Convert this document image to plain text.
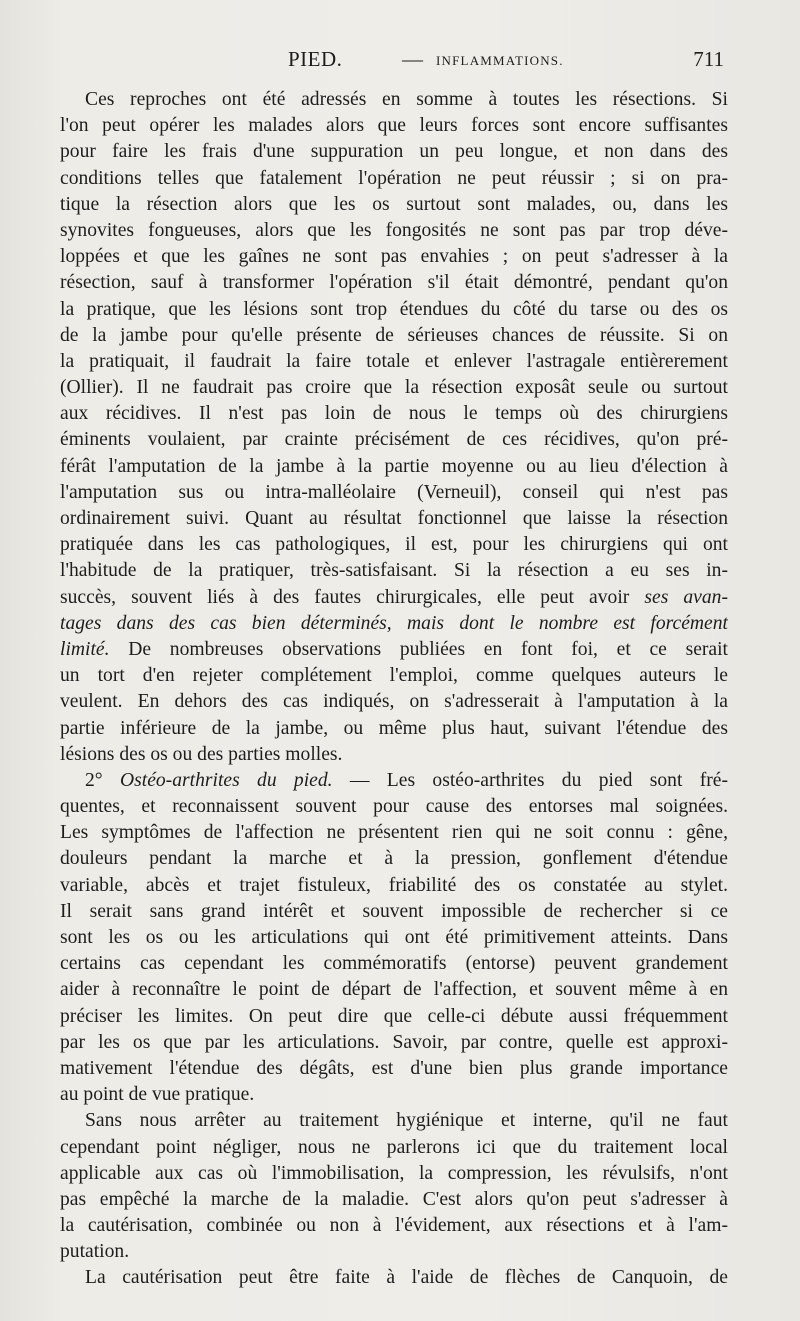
PIED.	— INFLAMMATIONS.	711
Ces reproches ont été adressés en somme à toutes les résections. Si
l'on peut opérer les malades alors que leurs forces sont encore suffisantes
pour faire les frais d'une suppuration un peu longue, et non dans des
conditions telles que fatalement l'opération ne peut réussir ; si on pra-
tique la résection alors que les os surtout sont malades, ou, dans les
synovites fongueuses, alors que les fongosités ne sont pas par trop déve-
loppées et que les gaînes ne sont pas envahies ; on peut s'adresser à la
résection, sauf à transformer l'opération s'il était démontré, pendant qu'on
la pratique, que les lésions sont trop étendues du côté du tarse ou des os
de la jambe pour qu'elle présente de sérieuses chances de réussite. Si on
la pratiquait, il faudrait la faire totale et enlever l'astragale entièrerement
(Ollier). Il ne faudrait pas croire que la résection exposât seule ou surtout
aux récidives. Il n'est pas loin de nous le temps où des chirurgiens
éminents voulaient, par crainte précisément de ces récidives, qu'on pré-
férât l'amputation de la jambe à la partie moyenne ou au lieu d'élection à
l'amputation sus ou intra-malléolaire (Verneuil), conseil qui n'est pas
ordinairement suivi. Quant au résultat fonctionnel que laisse la résection
pratiquée dans les cas pathologiques, il est, pour les chirurgiens qui ont
l'habitude de la pratiquer, très-satisfaisant. Si la résection a eu ses in-
succès, souvent liés à des fautes chirurgicales, elle peut avoir ses avan-
tages dans des cas bien déterminés, mais dont le nombre est forcément
limité. De nombreuses observations publiées en font foi, et ce serait
un tort d'en rejeter complétement l'emploi, comme quelques auteurs le
veulent. En dehors des cas indiqués, on s'adresserait à l'amputation à la
partie inférieure de la jambe, ou même plus haut, suivant l'étendue des
lésions des os ou des parties molles.
2° Ostéo-arthrites du pied. — Les ostéo-arthrites du pied sont fré-
quentes, et reconnaissent souvent pour cause des entorses mal soignées.
Les symptômes de l'affection ne présentent rien qui ne soit connu : gêne,
douleurs pendant la marche et à la pression, gonflement d'étendue
variable, abcès et trajet fistuleux, friabilité des os constatée au stylet.
Il serait sans grand intérêt et souvent impossible de rechercher si ce
sont les os ou les articulations qui ont été primitivement atteints. Dans
certains cas cependant les commémoratifs (entorse) peuvent grandement
aider à reconnaître le point de départ de l'affection, et souvent même à en
préciser les limites. On peut dire que celle-ci débute aussi fréquemment
par les os que par les articulations. Savoir, par contre, quelle est approxi-
mativement l'étendue des dégâts, est d'une bien plus grande importance
au point de vue pratique.
Sans nous arrêter au traitement hygiénique et interne, qu'il ne faut
cependant point négliger, nous ne parlerons ici que du traitement local
applicable aux cas où l'immobilisation, la compression, les révulsifs, n'ont
pas empêché la marche de la maladie. C'est alors qu'on peut s'adresser à
la cautérisation, combinée ou non à l'évidement, aux résections et à l'am-
putation.
La cautérisation peut être faite à l'aide de flèches de Canquoin, de
